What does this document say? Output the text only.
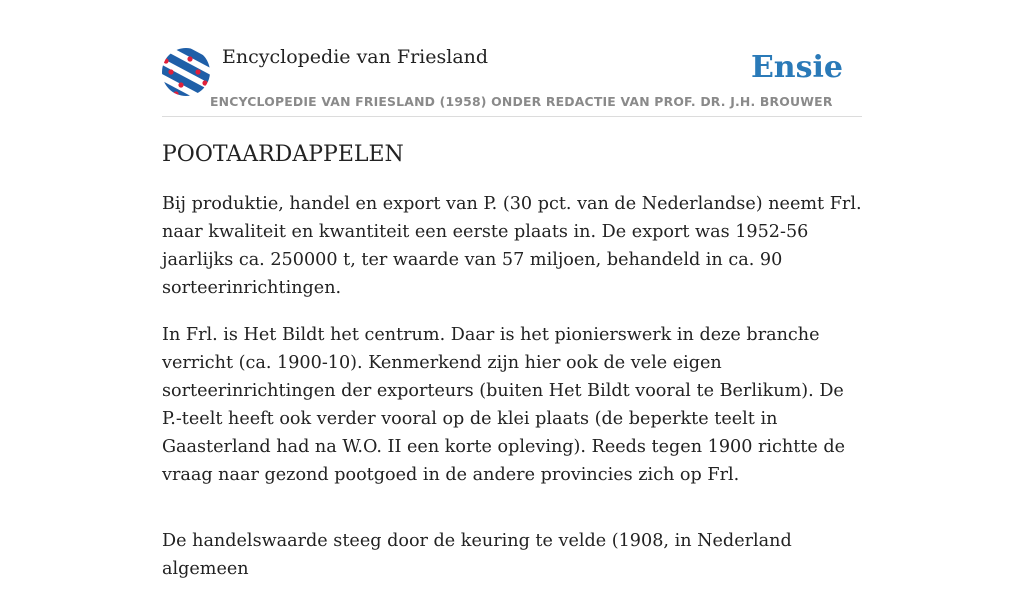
Encyclopedie van Friesland	Ensie
ENCYCLOPEDIE VAN FRIESLAND (1958) ONDER REDACTIE VAN PROF. DR. J.H. BROUWER
POOTAARDAPPELEN

Bij produktie, handel en export van P. (30 pct. van de Nederlandse) neemt Frl. naar kwaliteit en kwantiteit een eerste plaats in. De export was 1952-56 jaarlijks ca. 250000 t, ter waarde van 57 miljoen, behandeld in ca. 90 sorteerinrichtingen.

In Frl. is Het Bildt het centrum. Daar is het pionierswerk in deze branche verricht (ca. 1900-10). Kenmerkend zijn hier ook de vele eigen sorteerinrichtingen der exporteurs (buiten Het Bildt vooral te Berlikum). De P.-teelt heeft ook verder vooral op de klei plaats (de beperkte teelt in Gaasterland had na W.O. II een korte opleving). Reeds tegen 1900 richtte de vraag naar gezond pootgoed in de andere provincies zich op Frl.

De handelswaarde steeg door de keuring te velde (1908, in Nederland algemeen
